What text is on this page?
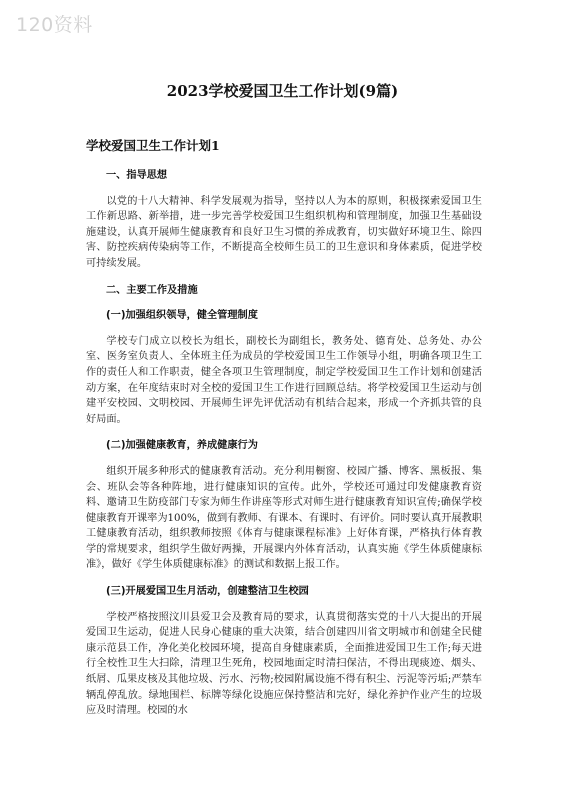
120资料
2023学校爱国卫生工作计划(9篇)
学校爱国卫生工作计划1
一、指导思想
以党的十八大精神、科学发展观为指导，坚持以人为本的原则，积极探索爱国卫生工作新思路、新举措，进一步完善学校爱国卫生组织机构和管理制度，加强卫生基础设施建设，认真开展师生健康教育和良好卫生习惯的养成教育，切实做好环境卫生、除四害、防控疾病传染病等工作，不断提高全校师生员工的卫生意识和身体素质，促进学校可持续发展。
二、主要工作及措施
(一)加强组织领导，健全管理制度
学校专门成立以校长为组长，副校长为副组长，教务处、德育处、总务处、办公室、医务室负责人、全体班主任为成员的学校爱国卫生工作领导小组，明确各项卫生工作的责任人和工作职责，健全各项卫生管理制度，制定学校爱国卫生工作计划和创建活动方案，在年度结束时对全校的爱国卫生工作进行回顾总结。将学校爱国卫生运动与创建平安校园、文明校园、开展师生评先评优活动有机结合起来，形成一个齐抓共管的良好局面。
(二)加强健康教育，养成健康行为
组织开展多种形式的健康教育活动。充分利用橱窗、校园广播、博客、黑板报、集会、班队会等各种阵地，进行健康知识的宣传。此外，学校还可通过印发健康教育资料、邀请卫生防疫部门专家为师生作讲座等形式对师生进行健康教育知识宣传;确保学校健康教育开课率为100%，做到有教师、有课本、有课时、有评价。同时要认真开展教职工健康教育活动，组织教师按照《体育与健康课程标准》上好体育课，严格执行体育教学的常规要求，组织学生做好两操，开展课内外体育活动，认真实施《学生体质健康标准》，做好《学生体质健康标准》的测试和数据上报工作。
(三)开展爱国卫生月活动，创建整洁卫生校园
学校严格按照汶川县爱卫会及教育局的要求，认真贯彻落实党的十八大提出的开展爱国卫生运动，促进人民身心健康的重大决策，结合创建四川省文明城市和创建全民健康示范县工作，净化美化校园环境，提高自身健康素质，全面推进爱国卫生工作;每天进行全校性卫生大扫除，清理卫生死角，校园地面定时清扫保洁，不得出现痰迹、烟头、纸屑、瓜果皮核及其他垃圾、污水、污物;校园附属设施不得有积尘、污泥等污垢;严禁车辆乱停乱放。绿地围栏、标牌等绿化设施应保持整洁和完好，绿化养护作业产生的垃圾应及时清理。校园的水
